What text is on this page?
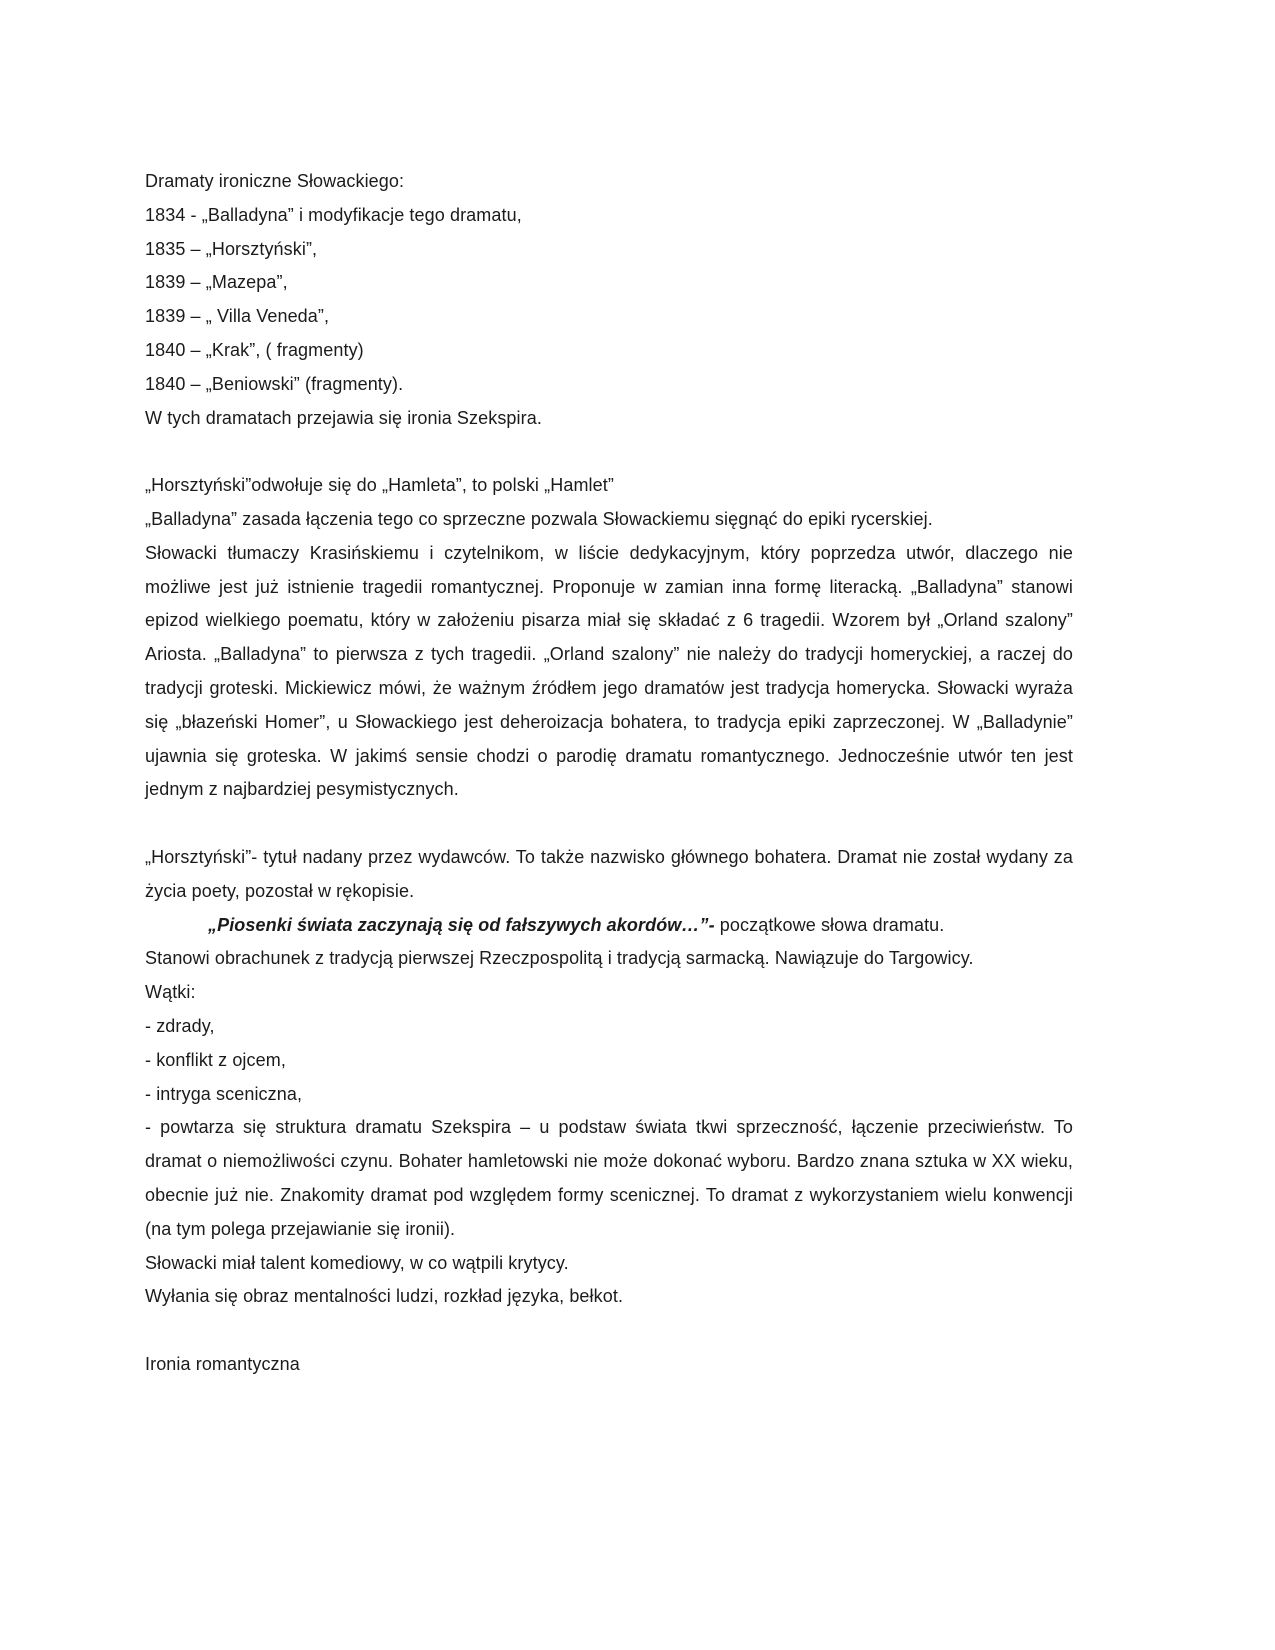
Dramaty ironiczne Słowackiego:

1834 - „Balladyna” i modyfikacje tego dramatu,

1835 – „Horsztyński”,

1839 – „Mazepa”,

1839 – „ Villa Veneda”,

1840 – „Krak”, ( fragmenty)

1840 – „Beniowski” (fragmenty).

W tych dramatach przejawia się ironia Szekspira.

„Horsztyński”odwołuje się do „Hamleta”, to polski „Hamlet”

„Balladyna” zasada łączenia tego co sprzeczne pozwala Słowackiemu sięgnąć do epiki rycerskiej.

Słowacki tłumaczy Krasińskiemu i czytelnikom, w liście dedykacyjnym, który poprzedza utwór, dlaczego nie możliwe jest już istnienie tragedii romantycznej. Proponuje w zamian inna formę literacką. „Balladyna” stanowi epizod wielkiego poematu, który w założeniu pisarza miał się składać z 6 tragedii. Wzorem był „Orland szalony” Ariosta. „Balladyna” to pierwsza z tych tragedii. „Orland szalony” nie należy do tradycji homeryckiej, a raczej do tradycji groteski. Mickiewicz mówi, że ważnym źródłem jego dramatów jest tradycja homerycka. Słowacki wyraża się „błazeński Homer”, u Słowackiego jest deheroizacja bohatera, to tradycja epiki zaprzeczonej. W „Balladynie” ujawnia się groteska. W jakimś sensie chodzi o parodię dramatu romantycznego. Jednocześnie utwór ten jest jednym z najbardziej pesymistycznych.

„Horsztyński”- tytuł nadany przez wydawców. To także nazwisko głównego bohatera. Dramat nie został wydany za życia poety, pozostał w rękopisie.

„Piosenki świata zaczynają się od fałszywych akordów…”- początkowe słowa dramatu.

Stanowi obrachunek z tradycją pierwszej Rzeczpospolitą i tradycją sarmacką. Nawiązuje do Targowicy.

Wątki:

- zdrady,

- konflikt z ojcem,

- intryga sceniczna,

- powtarza się struktura dramatu Szekspira – u podstaw świata tkwi sprzeczność, łączenie przeciwieństw. To dramat o niemożliwości czynu. Bohater hamletowski nie może dokonać wyboru. Bardzo znana sztuka w XX wieku, obecnie już nie. Znakomity dramat pod względem formy scenicznej. To dramat z wykorzystaniem wielu konwencji (na tym polega przejawianie się ironii).

Słowacki miał talent komediowy, w co wątpili krytycy.

Wyłania się obraz mentalności ludzi, rozkład języka, bełkot.

Ironia romantyczna
